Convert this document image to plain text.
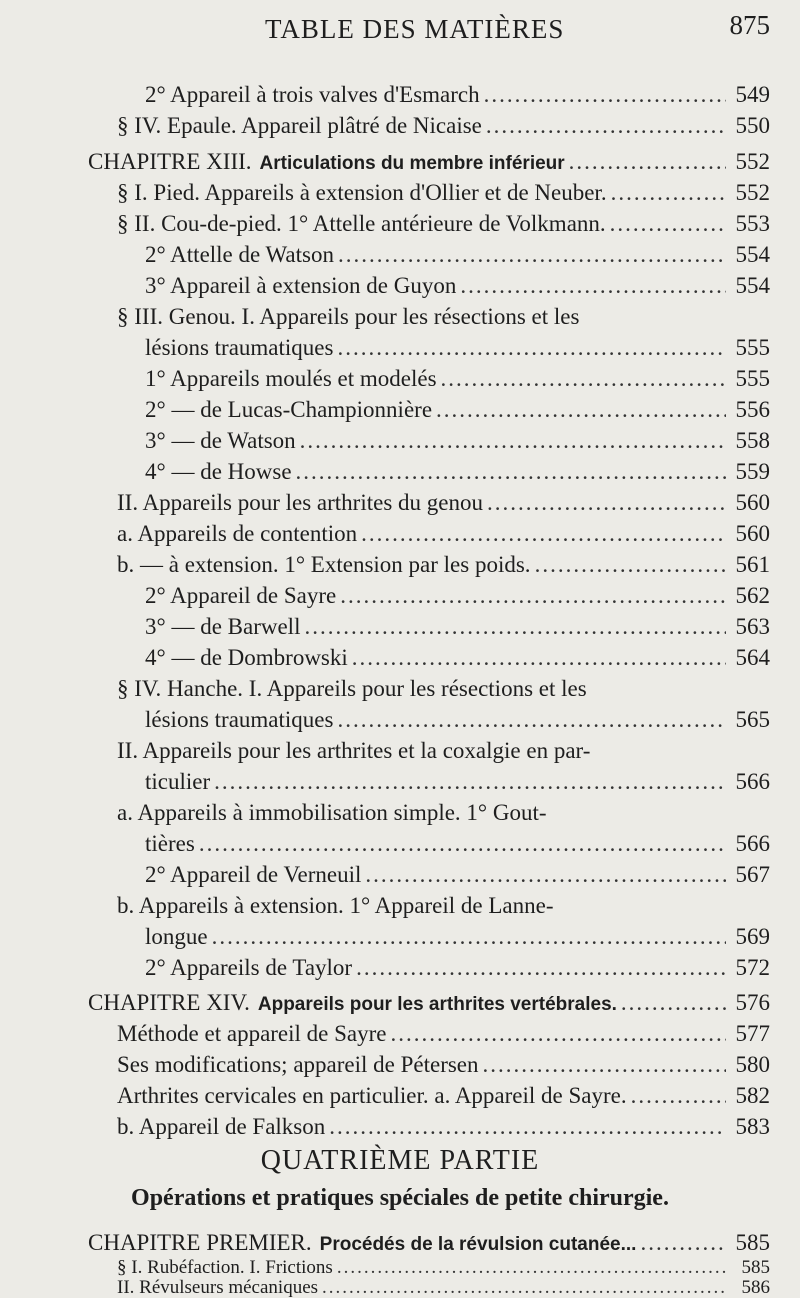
TABLE DES MATIÈRES	875
2° Appareil à trois valves d'Esmarch .....	549
§ IV. Epaule. Appareil plâtré de Nicaise .....	550
CHAPITRE XIII. Articulations du membre inférieur .....	552
§ I. Pied. Appareils à extension d'Ollier et de Neuber. .....	552
§ II. Cou-de-pied. 1° Attelle antérieure de Volkmann. .....	553
2° Attelle de Watson .....	554
3° Appareil à extension de Guyon .....	554
§ III. Genou. I. Appareils pour les résections et les
lésions traumatiques .....	555
1° Appareils moulés et modelés .....	555
2° — de Lucas-Championnière .....	556
3° — de Watson .....	558
4° — de Howse .....	559
II. Appareils pour les arthrites du genou .....	560
a. Appareils de contention .....	560
b. — à extension. 1° Extension par les poids. .....	561
2° Appareil de Sayre .....	562
3° — de Barwell .....	563
4° — de Dombrowski .....	564
§ IV. Hanche. I. Appareils pour les résections et les
lésions traumatiques .....	565
II. Appareils pour les arthrites et la coxalgie en par-
ticulier .....	566
a. Appareils à immobilisation simple. 1° Gout-
tières .....	566
2° Appareil de Verneuil .....	567
b. Appareils à extension. 1° Appareil de Lanne-
longue .....	569
2° Appareils de Taylor .....	572
CHAPITRE XIV. Appareils pour les arthrites vertébrales. .....	576
Méthode et appareil de Sayre .....	577
Ses modifications; appareil de Pétersen .....	580
Arthrites cervicales en particulier. a. Appareil de Sayre. .....	582
b. Appareil de Falkson .....	583
QUATRIÈME PARTIE
Opérations et pratiques spéciales de petite chirurgie.
CHAPITRE PREMIER. Procédés de la révulsion cutanée... .....	585
§ I. Rubéfaction. I. Frictions .....	585
II. Révulseurs mécaniques .....	586
